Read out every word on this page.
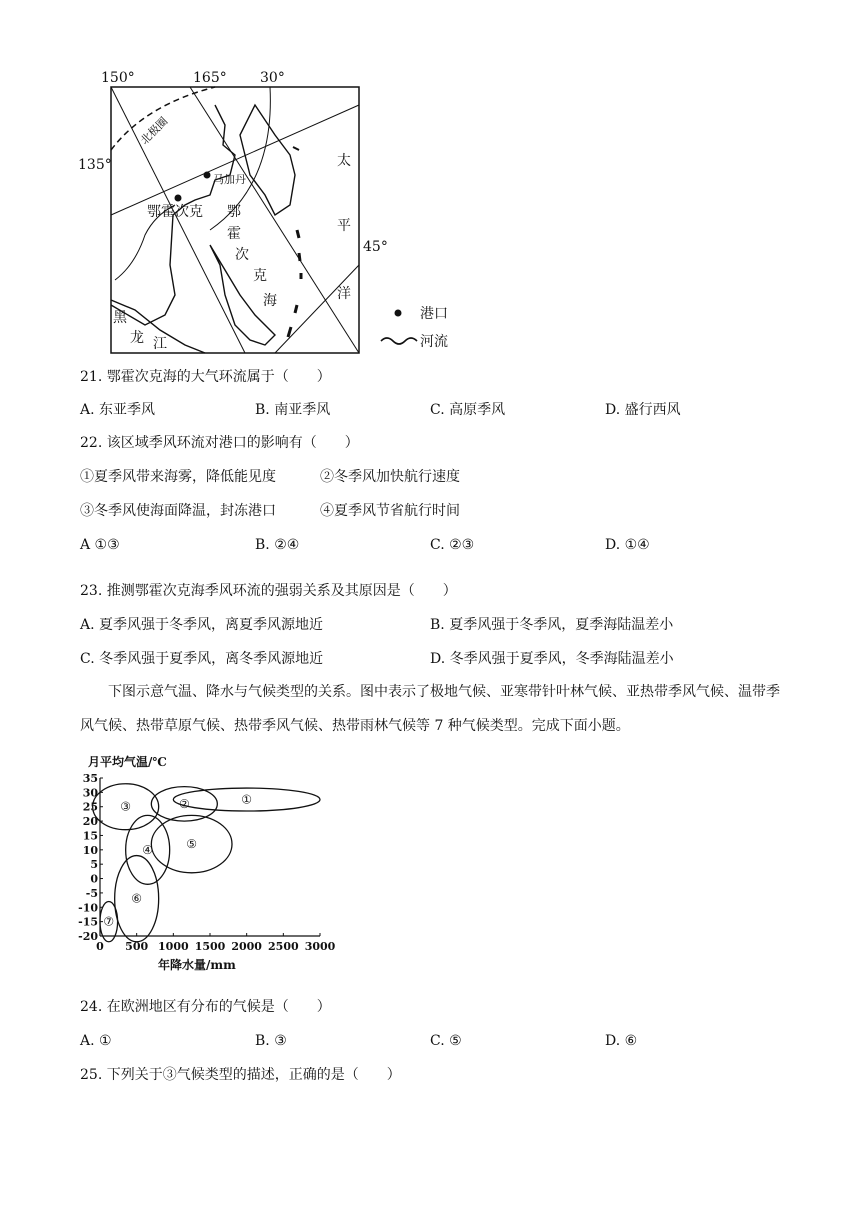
150°	165° 30°
135°
45°
北极圈
马加丹
鄂霍次克 鄂
霍
次
克
海
太
平
洋
黑
龙 江
港口
河流
21. 鄂霍次克海的大气环流属于（　　）
A. 东亚季风	B. 南亚季风	C. 高原季风	D. 盛行西风
22. 该区域季风环流对港口的影响有（　　）
①夏季风带来海雾，降低能见度	②冬季风加快航行速度
③冬季风使海面降温，封冻港口	④夏季风节省航行时间
A ①③	B. ②④	C. ②③	D. ①④
23. 推测鄂霍次克海季风环流的强弱关系及其原因是（　　）
A. 夏季风强于冬季风，离夏季风源地近	B. 夏季风强于冬季风，夏季海陆温差小
C. 冬季风强于夏季风，离冬季风源地近	D. 冬季风强于夏季风，冬季海陆温差小
下图示意气温、降水与气候类型的关系。图中表示了极地气候、亚寒带针叶林气候、亚热带季风气候、温带季风气候、热带草原气候、热带季风气候、热带雨林气候等 7 种气候类型。完成下面小题。
月平均气温/℃
年降水量/mm
35
30
25
20
15
10
5
0
-5
-10
-15
-20
0 500 1000 1500 2000 2500 3000
①
②
③
④	⑤
⑥
⑦
24. 在欧洲地区有分布的气候是（　　）
A. ①	B. ③	C. ⑤	D. ⑥
25. 下列关于③气候类型的描述，正确的是（　　）
